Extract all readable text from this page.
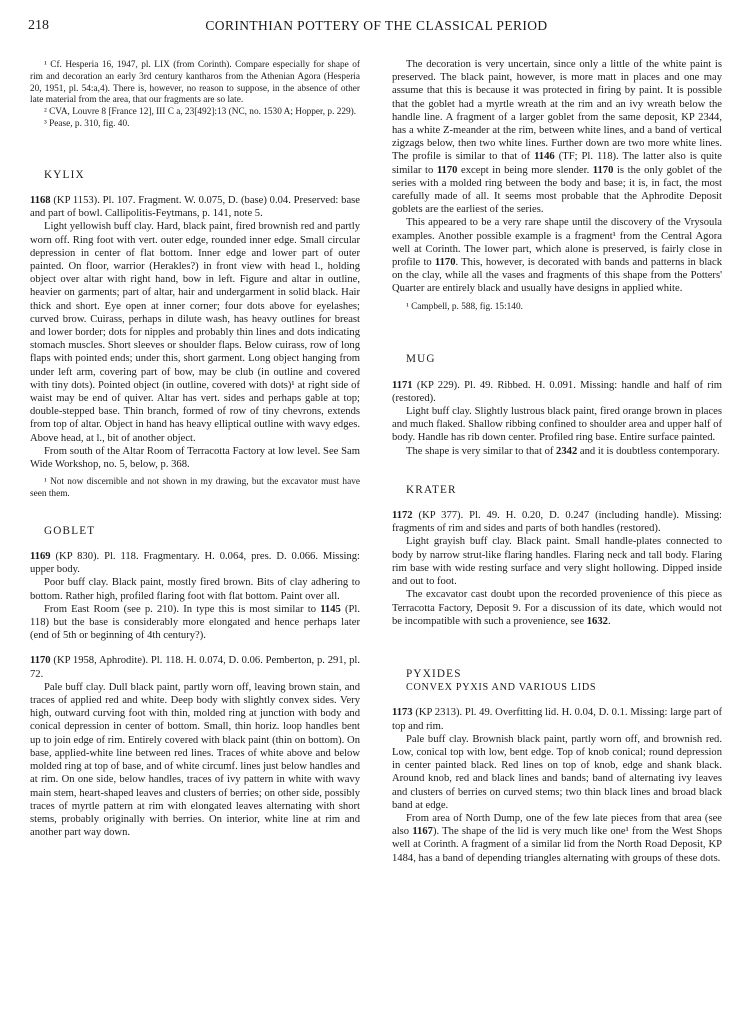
218	CORINTHIAN POTTERY OF THE CLASSICAL PERIOD

¹ Cf. Hesperia 16, 1947, pl. LIX (from Corinth). Compare especially for shape of rim and decoration an early 3rd century kantharos from the Athenian Agora (Hesperia 20, 1951, pl. 54:a,4). There is, however, no reason to suppose, in the absence of other late material from the area, that our fragments are so late.

² CVA, Louvre 8 [France 12], III C a, 23[492]:13 (NC, no. 1530 A; Hopper, p. 229).

³ Pease, p. 310, fig. 40.

KYLIX

1168 (KP 1153). Pl. 107. Fragment. W. 0.075, D. (base) 0.04. Preserved: base and part of bowl. Callipolitis-Feytmans, p. 141, note 5.

Light yellowish buff clay. Hard, black paint, fired brownish red and partly worn off. Ring foot with vert. outer edge, rounded inner edge. Small circular depression in center of flat bottom. Inner edge and lower part of outer painted. On floor, warrior (Herakles?) in front view with head l., holding object over altar with right hand, bow in left. Figure and altar in outline, heavier on garments; part of altar, hair and undergarment in solid black. Hair thick and short. Eye open at inner corner; four dots above for eyelashes; curved brow. Cuirass, perhaps in dilute wash, has heavy outlines for breast and lower border; dots for nipples and probably thin lines and dots indicating stomach muscles. Short sleeves or shoulder flaps. Below cuirass, row of long flaps with pointed ends; under this, short garment. Long object hanging from under left arm, covering part of bow, may be club (in outline and covered with tiny dots). Pointed object (in outline, covered with dots)¹ at right side of waist may be end of quiver. Altar has vert. sides and perhaps gable at top; double-stepped base. Thin branch, formed of row of tiny chevrons, extends from top of altar. Object in hand has heavy elliptical outline with wavy edges. Above head, at l., bit of another object.

From south of the Altar Room of Terracotta Factory at low level. See Sam Wide Workshop, no. 5, below, p. 368.

¹ Not now discernible and not shown in my drawing, but the excavator must have seen them.

GOBLET

1169 (KP 830). Pl. 118. Fragmentary. H. 0.064, pres. D. 0.066. Missing: upper body.

Poor buff clay. Black paint, mostly fired brown. Bits of clay adhering to bottom. Rather high, profiled flaring foot with flat bottom. Paint over all.

From East Room (see p. 210). In type this is most similar to 1145 (Pl. 118) but the base is considerably more elongated and hence perhaps later (end of 5th or beginning of 4th century?).

1170 (KP 1958, Aphrodite). Pl. 118. H. 0.074, D. 0.06. Pemberton, p. 291, pl. 72.

Pale buff clay. Dull black paint, partly worn off, leaving brown stain, and traces of applied red and white. Deep body with slightly convex sides. Very high, outward curving foot with thin, molded ring at junction with body and conical depression in center of bottom. Small, thin horiz. loop handles bent up to join edge of rim. Entirely covered with black paint (thin on bottom). On base, applied-white line between red lines. Traces of white above and below molded ring at top of base, and of white circumf. lines just below handles and at rim. On one side, below handles, traces of ivy pattern in white with wavy main stem, heart-shaped leaves and clusters of berries; on other side, possibly traces of myrtle pattern at rim with elongated leaves alternating with short stems, probably originally with berries. On interior, white line at rim and another part way down.

The decoration is very uncertain, since only a little of the white paint is preserved. The black paint, however, is more matt in places and one may assume that this is because it was protected in firing by paint. It is possible that the goblet had a myrtle wreath at the rim and an ivy wreath below the handle line. A fragment of a larger goblet from the same deposit, KP 2344, has a white Z-meander at the rim, between white lines, and a band of vertical zigzags below, then two white lines. Further down are two more white lines. The profile is similar to that of 1146 (TF; Pl. 118). The latter also is quite similar to 1170 except in being more slender. 1170 is the only goblet of the series with a molded ring between the body and base; it is, in fact, the most carefully made of all. It seems most probable that the Aphrodite Deposit goblets are the earliest of the series.

This appeared to be a very rare shape until the discovery of the Vrysoula examples. Another possible example is a fragment¹ from the Central Agora well at Corinth. The lower part, which alone is preserved, is fairly close in profile to 1170. This, however, is decorated with bands and patterns in black on the clay, while all the vases and fragments of this shape from the Potters' Quarter are entirely black and usually have designs in applied white.

¹ Campbell, p. 588, fig. 15:140.

MUG

1171 (KP 229). Pl. 49. Ribbed. H. 0.091. Missing: handle and half of rim (restored).

Light buff clay. Slightly lustrous black paint, fired orange brown in places and much flaked. Shallow ribbing confined to shoulder area and upper half of body. Handle has rib down center. Profiled ring base. Entire surface painted.

The shape is very similar to that of 2342 and it is doubtless contemporary.

KRATER

1172 (KP 377). Pl. 49. H. 0.20, D. 0.247 (including handle). Missing: fragments of rim and sides and parts of both handles (restored).

Light grayish buff clay. Black paint. Small handle-plates connected to body by narrow strut-like flaring handles. Flaring neck and tall body. Flaring rim base with wide resting surface and very slight hollowing. Dipped inside and out to foot.

The excavator cast doubt upon the recorded provenience of this piece as Terracotta Factory, Deposit 9. For a discussion of its date, which would not be incompatible with such a provenience, see 1632.

PYXIDES

CONVEX PYXIS AND VARIOUS LIDS

1173 (KP 2313). Pl. 49. Overfitting lid. H. 0.04, D. 0.1. Missing: large part of top and rim.

Pale buff clay. Brownish black paint, partly worn off, and brownish red. Low, conical top with low, bent edge. Top of knob conical; round depression in center painted black. Red lines on top of knob, edge and shank black. Around knob, red and black lines and bands; band of alternating ivy leaves and clusters of berries on curved stems; two thin black lines and broad black band at edge.

From area of North Dump, one of the few late pieces from that area (see also 1167). The shape of the lid is very much like one¹ from the West Shops well at Corinth. A fragment of a similar lid from the North Road Deposit, KP 1484, has a band of depending triangles alternating with groups of these dots.
